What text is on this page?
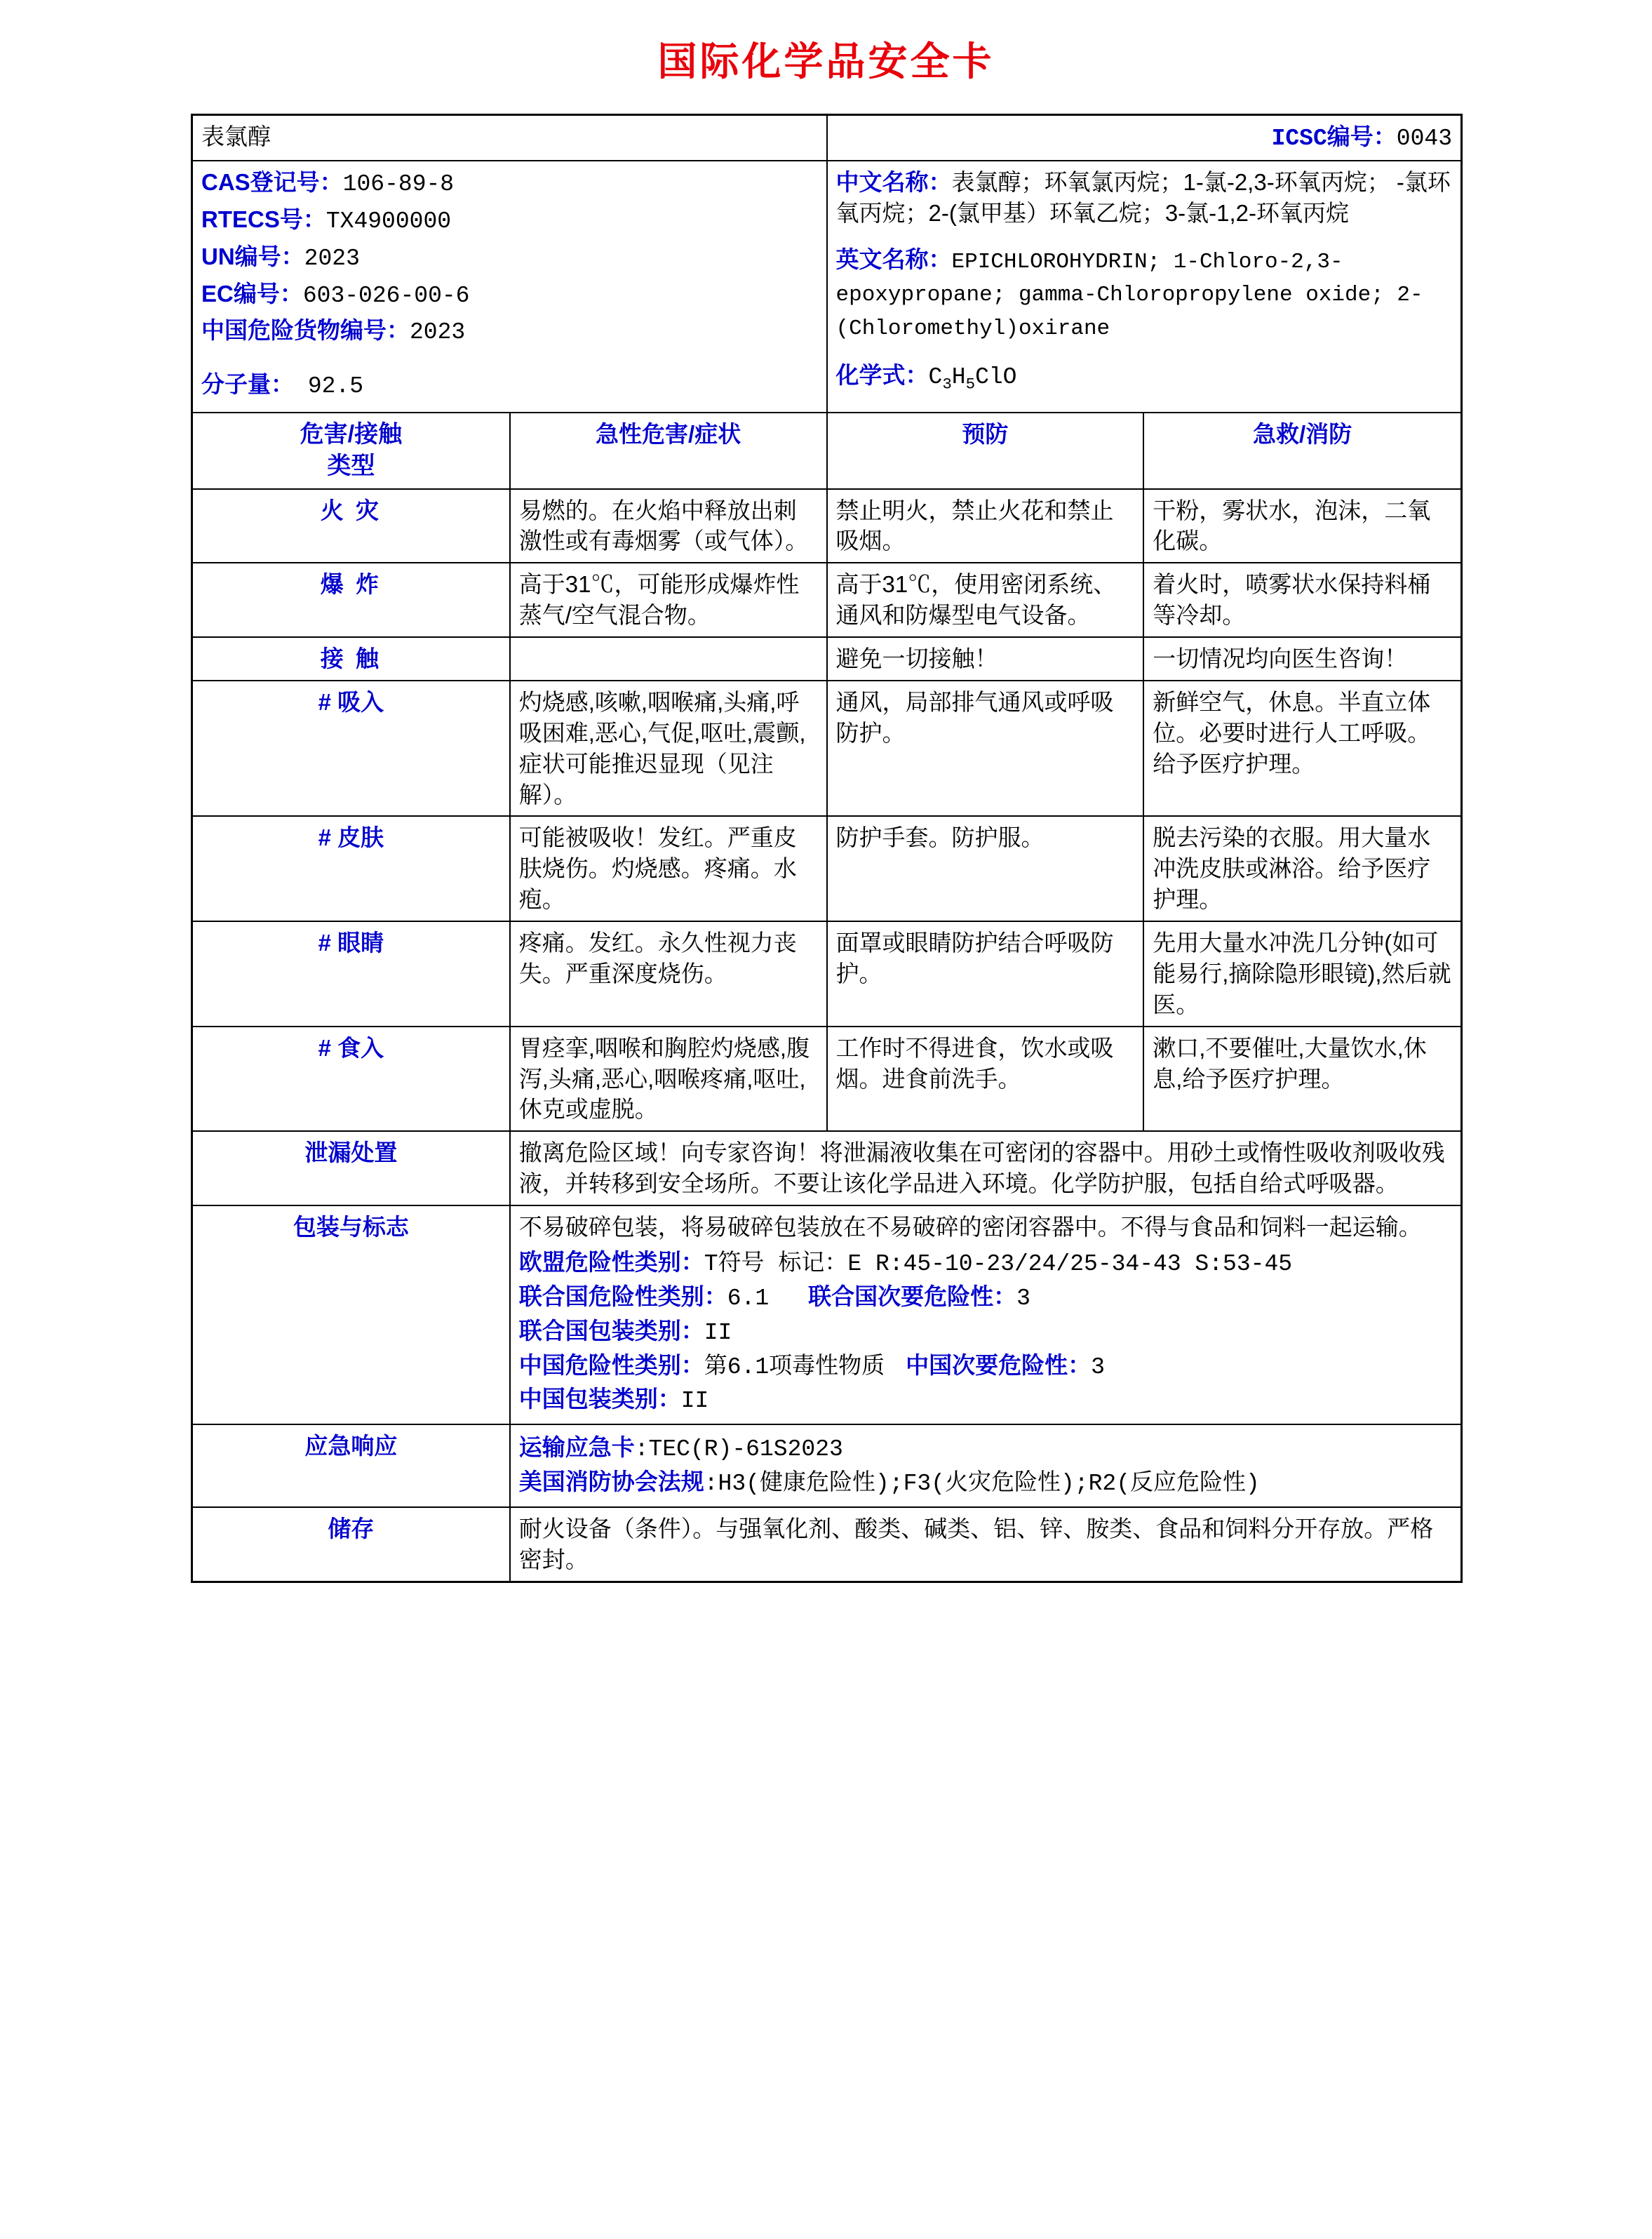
国际化学品安全卡
表氯醇		ICSC编号：0043	

CAS登记号：106-89-8
RTECS号：TX4900000
UN编号：2023
EC编号：603-026-00-6
中国危险货物编号：2023
分子量： 92.5

中文名称：表氯醇；环氧氯丙烷；1-氯-2,3-环氧丙烷； -氯环氧丙烷；2-(氯甲基）环氧乙烷；3-氯-1,2-环氧丙烷
英文名称：EPICHLOROHYDRIN; 1-Chloro-2,3-epoxypropane; gamma-Chloropropylene oxide; 2-(Chloromethyl)oxirane
化学式：$C_3H_5ClO$

危害/接触
类型	急性危害/症状	预防	急救/消防
火 灾	易燃的。在火焰中释放出刺激性或有毒烟雾（或气体）。	禁止明火，禁止火花和禁止吸烟。	干粉，雾状水，泡沫，二氧化碳。
爆 炸	高于31℃，可能形成爆炸性蒸气/空气混合物。	高于31℃，使用密闭系统、通风和防爆型电气设备。	着火时，喷雾状水保持料桶等冷却。
接 触		避免一切接触！	一切情况均向医生咨询！
# 吸入	灼烧感,咳嗽,咽喉痛,头痛,呼吸困难,恶心,气促,呕吐,震颤,症状可能推迟显现（见注解）。	通风，局部排气通风或呼吸防护。	新鲜空气，休息。半直立体位。必要时进行人工呼吸。给予医疗护理。
# 皮肤	可能被吸收！发红。严重皮肤烧伤。灼烧感。疼痛。水疱。	防护手套。防护服。	脱去污染的衣服。用大量水冲洗皮肤或淋浴。给予医疗护理。
# 眼睛	疼痛。发红。永久性视力丧失。严重深度烧伤。	面罩或眼睛防护结合呼吸防护。	先用大量水冲洗几分钟(如可能易行,摘除隐形眼镜),然后就医。
# 食入	胃痉挛,咽喉和胸腔灼烧感,腹泻,头痛,恶心,咽喉疼痛,呕吐,休克或虚脱。	工作时不得进食，饮水或吸烟。进食前洗手。	漱口,不要催吐,大量饮水,休息,给予医疗护理。
泄漏处置	撤离危险区域！向专家咨询！将泄漏液收集在可密闭的容器中。用砂土或惰性吸收剂吸收残液，并转移到安全场所。不要让该化学品进入环境。化学防护服，包括自给式呼吸器。		
包装与标志	不易破碎包装，将易破碎包装放在不易破碎的密闭容器中。不得与食品和饲料一起运输。
欧盟危险性类别：T符号 标记：E R:45-10-23/24/25-34-43 S:53-45
联合国危险性类别：6.1 联合国次要危险性：3
联合国包装类别：II
中国危险性类别：第6.1项毒性物质 中国次要危险性：3
中国包装类别：II

应急响应	运输应急卡:TEC(R)-61S2023
美国消防协会法规:H3(健康危险性);F3(火灾危险性);R2(反应危险性)		

储存	耐火设备（条件）。与强氧化剂、酸类、碱类、铝、锌、胺类、食品和饲料分开存放。严格密封。		
